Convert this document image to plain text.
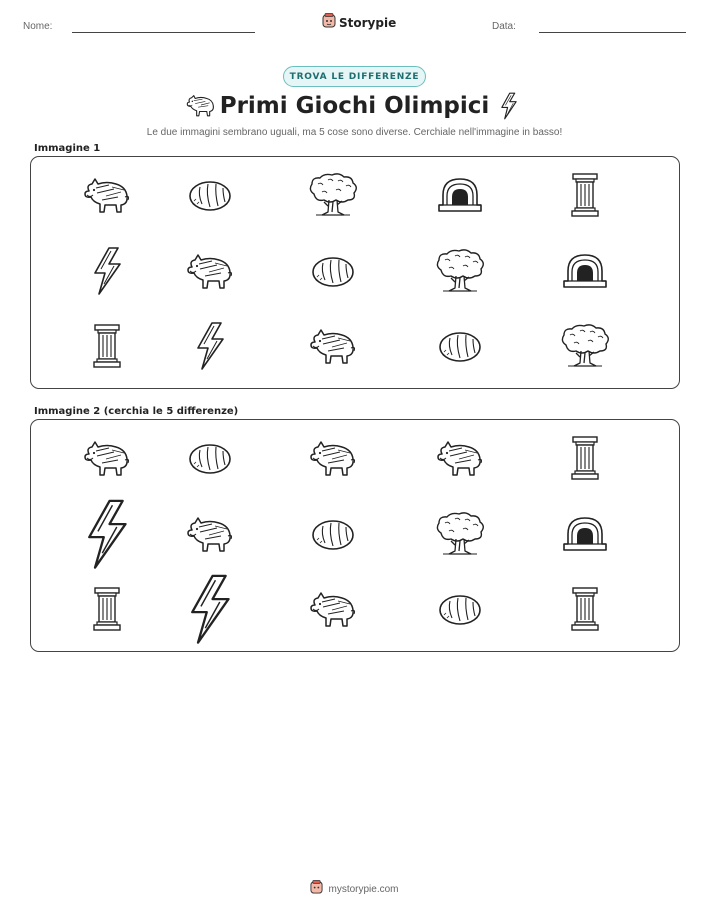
Nome:	Storypie	Data:
TROVA LE DIFFERENZE
Primi Giochi Olimpici
Le due immagini sembrano uguali, ma 5 cose sono diverse. Cerchiale nell'immagine in basso!
Immagine 1
Immagine 2 (cerchia le 5 differenze)
mystorypie.com
